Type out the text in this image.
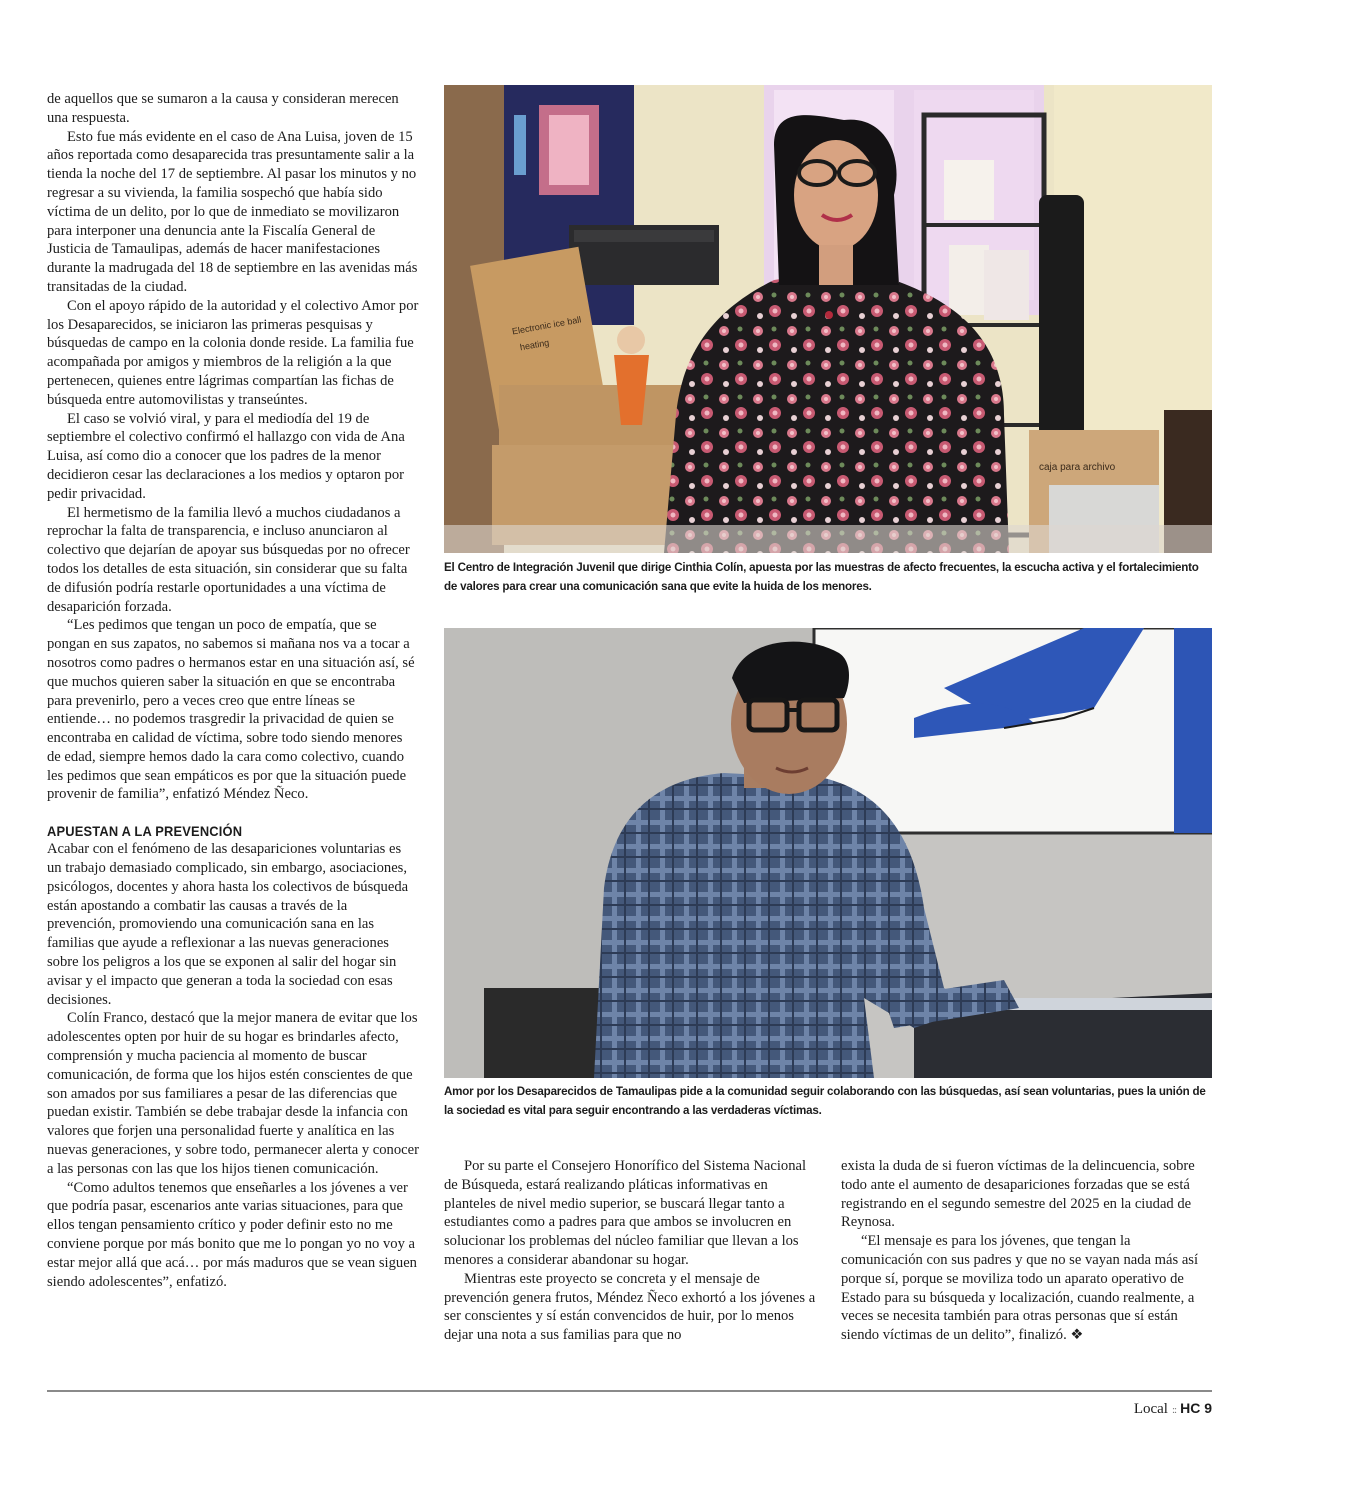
de aquellos que se sumaron a la causa y consideran merecen una respuesta.

Esto fue más evidente en el caso de Ana Luisa, joven de 15 años reportada como desaparecida tras presuntamente salir a la tienda la noche del 17 de septiembre. Al pasar los minutos y no regresar a su vivienda, la familia sospechó que había sido víctima de un delito, por lo que de inmediato se movilizaron para interponer una denuncia ante la Fiscalía General de Justicia de Tamaulipas, además de hacer manifestaciones durante la madrugada del 18 de septiembre en las avenidas más transitadas de la ciudad.

Con el apoyo rápido de la autoridad y el colectivo Amor por los Desaparecidos, se iniciaron las primeras pesquisas y búsquedas de campo en la colonia donde reside. La familia fue acompañada por amigos y miembros de la religión a la que pertenecen, quienes entre lágrimas compartían las fichas de búsqueda entre automovilistas y transeúntes.

El caso se volvió viral, y para el mediodía del 19 de septiembre el colectivo confirmó el hallazgo con vida de Ana Luisa, así como dio a conocer que los padres de la menor decidieron cesar las declaraciones a los medios y optaron por pedir privacidad.

El hermetismo de la familia llevó a muchos ciudadanos a reprochar la falta de transparencia, e incluso anunciaron al colectivo que dejarían de apoyar sus búsquedas por no ofrecer todos los detalles de esta situación, sin considerar que su falta de difusión podría restarle oportunidades a una víctima de desaparición forzada.

“Les pedimos que tengan un poco de empatía, que se pongan en sus zapatos, no sabemos si mañana nos va a tocar a nosotros como padres o hermanos estar en una situación así, sé que muchos quieren saber la situación en que se encontraba para prevenirlo, pero a veces creo que entre líneas se entiende… no podemos trasgredir la privacidad de quien se encontraba en calidad de víctima, sobre todo siendo menores de edad, siempre hemos dado la cara como colectivo, cuando les pedimos que sean empáticos es por que la situación puede provenir de familia”, enfatizó Méndez Ñeco.

APUESTAN A LA PREVENCIÓN

Acabar con el fenómeno de las desapariciones voluntarias es un trabajo demasiado complicado, sin embargo, asociaciones, psicólogos, docentes y ahora hasta los colectivos de búsqueda están apostando a combatir las causas a través de la prevención, promoviendo una comunicación sana en las familias que ayude a reflexionar a las nuevas generaciones sobre los peligros a los que se exponen al salir del hogar sin avisar y el impacto que generan a toda la sociedad con esas decisiones.

Colín Franco, destacó que la mejor manera de evitar que los adolescentes opten por huir de su hogar es brindarles afecto, comprensión y mucha paciencia al momento de buscar comunicación, de forma que los hijos estén conscientes de que son amados por sus familiares a pesar de las diferencias que puedan existir. También se debe trabajar desde la infancia con valores que forjen una personalidad fuerte y analítica en las nuevas generaciones, y sobre todo, permanecer alerta y conocer a las personas con las que los hijos tienen comunicación.

“Como adultos tenemos que enseñarles a los jóvenes a ver que podría pasar, escenarios ante varias situaciones, para que ellos tengan pensamiento crítico y poder definir esto no me conviene porque por más bonito que me lo pongan yo no voy a estar mejor allá que acá… por más maduros que se vean siguen siendo adolescentes”, enfatizó.

Electronic ice ball
heating
caja para archivo
El Centro de Integración Juvenil que dirige Cinthia Colín, apuesta por las muestras de afecto frecuentes, la escucha activa y el fortalecimiento de valores para crear una comunicación sana que evite la huida de los menores.
Amor por los Desaparecidos de Tamaulipas pide a la comunidad seguir colaborando con las búsquedas, así sean voluntarias, pues la unión de la sociedad es vital para seguir encontrando a las verdaderas víctimas.

Por su parte el Consejero Honorífico del Sistema Nacional de Búsqueda, estará realizando pláticas informativas en planteles de nivel medio superior, se buscará llegar tanto a estudiantes como a padres para que ambos se involucren en solucionar los problemas del núcleo familiar que llevan a los menores a considerar abandonar su hogar.

Mientras este proyecto se concreta y el mensaje de prevención genera frutos, Méndez Ñeco exhortó a los jóvenes a ser conscientes y sí están convencidos de huir, por lo menos dejar una nota a sus familias para que no

exista la duda de si fueron víctimas de la delincuencia, sobre todo ante el aumento de desapariciones forzadas que se está registrando en el segundo semestre del 2025 en la ciudad de Reynosa.

“El mensaje es para los jóvenes, que tengan la comunicación con sus padres y que no se vayan nada más así porque sí, porque se moviliza todo un aparato operativo de Estado para su búsqueda y localización, cuando realmente, a veces se necesita también para otras personas que sí están siendo víctimas de un delito”, finalizó. ❖

Local :: HC 9
